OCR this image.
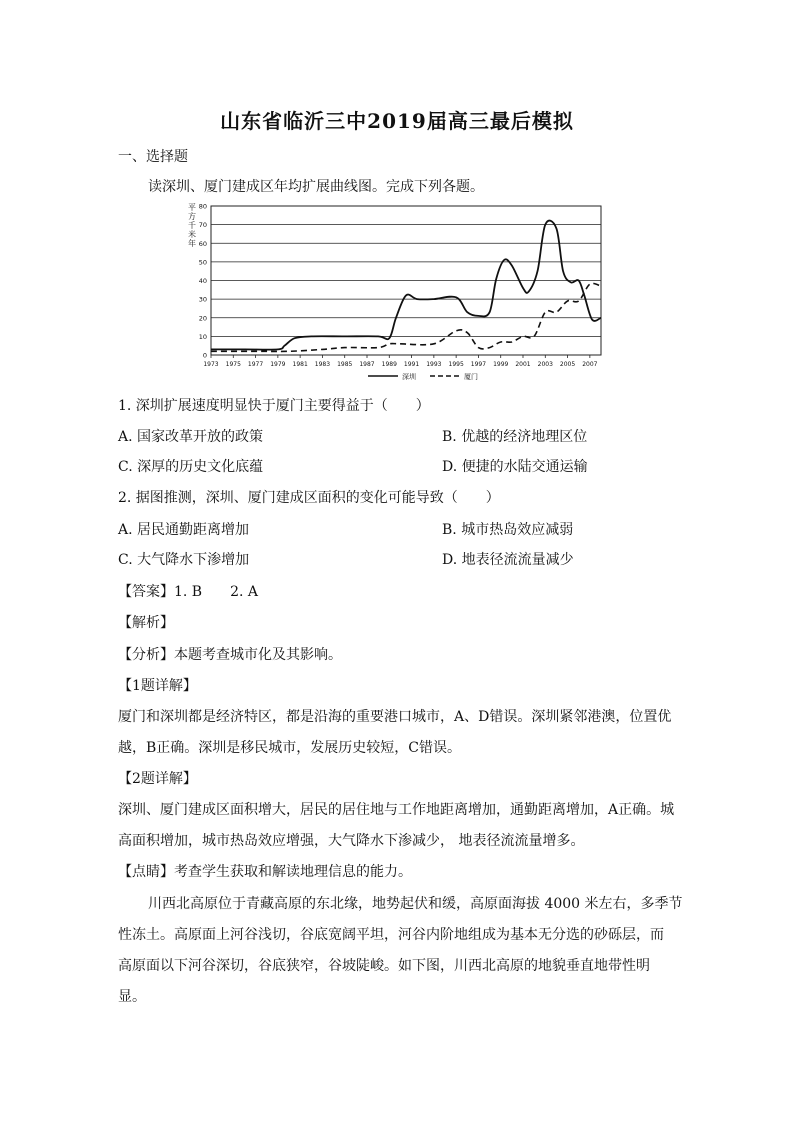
山东省临沂三中2019届高三最后模拟
一、选择题
读深圳、厦门建成区年均扩展曲线图。完成下列各题。
0
10
20
30
40
50
60
70
80
1973 1975 1977 1979 1981 1983 1985 1987 1989 1991 1993 1995 1997 1999 2001 2003 2005 2007
平方千米年
深圳	厦门
1. 深圳扩展速度明显快于厦门主要得益于（　　）
A. 国家改革开放的政策	B. 优越的经济地理区位
C. 深厚的历史文化底蕴	D. 便捷的水陆交通运输
2. 据图推测，深圳、厦门建成区面积的变化可能导致（　　）
A. 居民通勤距离增加	B. 城市热岛效应减弱
C. 大气降水下渗增加	D. 地表径流流量减少
【答案】1. B　　2. A
【解析】
【分析】本题考查城市化及其影响。
【1题详解】
厦门和深圳都是经济特区，都是沿海的重要港口城市，A、D错误。深圳紧邻港澳，位置优
越，B正确。深圳是移民城市，发展历史较短，C错误。
【2题详解】
深圳、厦门建成区面积增大，居民的居住地与工作地距离增加，通勤距离增加，A正确。城
高面积增加，城市热岛效应增强，大气降水下渗减少， 地表径流流量增多。
【点睛】考查学生获取和解读地理信息的能力。
川西北高原位于青藏高原的东北缘，地势起伏和缓，高原面海拔 4000 米左右，多季节
性冻土。高原面上河谷浅切，谷底宽阔平坦，河谷内阶地组成为基本无分选的砂砾层，而
高原面以下河谷深切，谷底狭窄，谷坡陡峻。如下图，川西北高原的地貌垂直地带性明
显。
